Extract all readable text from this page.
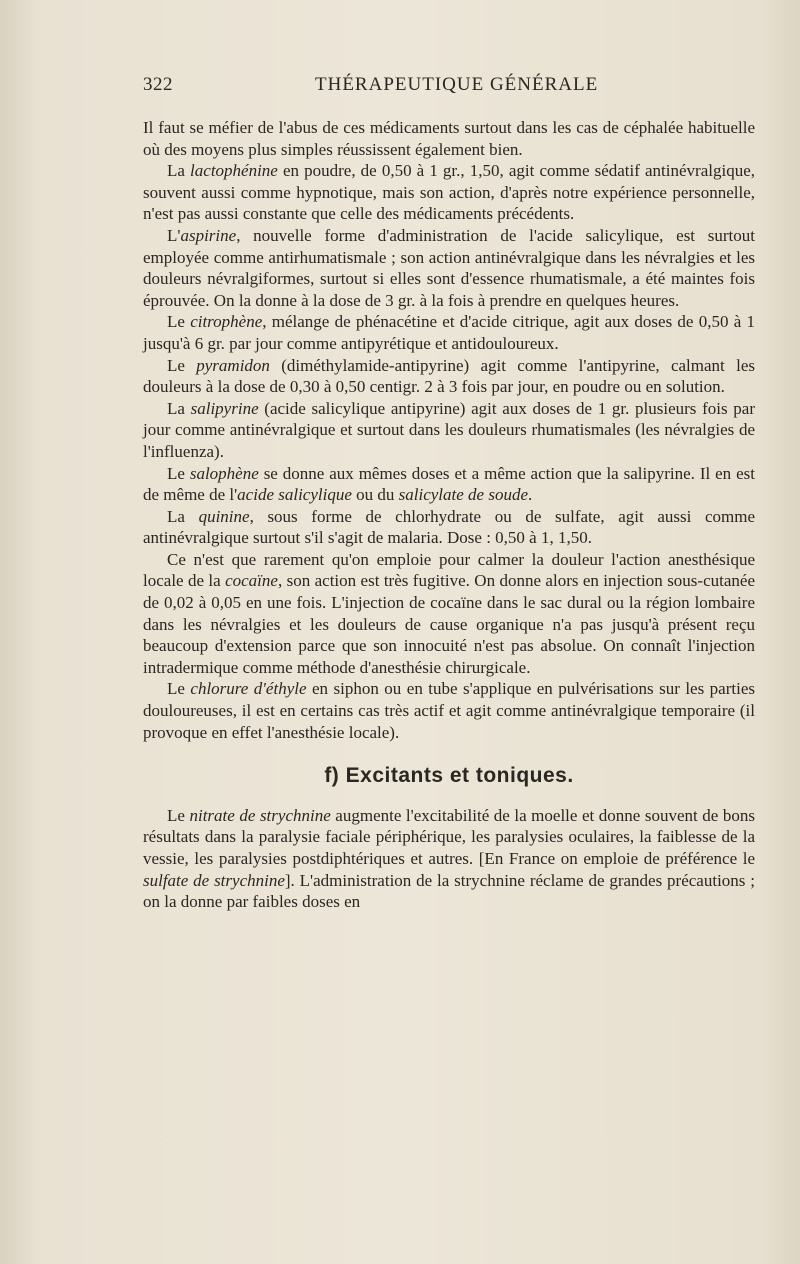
322	THÉRAPEUTIQUE GÉNÉRALE

Il faut se méfier de l'abus de ces médicaments surtout dans les cas de céphalée habituelle où des moyens plus simples réussissent également bien.

La lactophénine en poudre, de 0,50 à 1 gr., 1,50, agit comme sédatif antinévralgique, souvent aussi comme hypnotique, mais son action, d'après notre expérience personnelle, n'est pas aussi constante que celle des médicaments précédents.

L'aspirine, nouvelle forme d'administration de l'acide salicylique, est surtout employée comme antirhumatismale ; son action antinévralgique dans les névralgies et les douleurs névralgiformes, surtout si elles sont d'essence rhumatismale, a été maintes fois éprouvée. On la donne à la dose de 3 gr. à la fois à prendre en quelques heures.

Le citrophène, mélange de phénacétine et d'acide citrique, agit aux doses de 0,50 à 1 jusqu'à 6 gr. par jour comme antipyrétique et antidouloureux.

Le pyramidon (diméthylamide-antipyrine) agit comme l'antipyrine, calmant les douleurs à la dose de 0,30 à 0,50 centigr. 2 à 3 fois par jour, en poudre ou en solution.

La salipyrine (acide salicylique antipyrine) agit aux doses de 1 gr. plusieurs fois par jour comme antinévralgique et surtout dans les douleurs rhumatismales (les névralgies de l'influenza).

Le salophène se donne aux mêmes doses et a même action que la salipyrine. Il en est de même de l'acide salicylique ou du salicylate de soude.

La quinine, sous forme de chlorhydrate ou de sulfate, agit aussi comme antinévralgique surtout s'il s'agit de malaria. Dose : 0,50 à 1, 1,50.

Ce n'est que rarement qu'on emploie pour calmer la douleur l'action anesthésique locale de la cocaïne, son action est très fugitive. On donne alors en injection sous-cutanée de 0,02 à 0,05 en une fois. L'injection de cocaïne dans le sac dural ou la région lombaire dans les névralgies et les douleurs de cause organique n'a pas jusqu'à présent reçu beaucoup d'extension parce que son innocuité n'est pas absolue. On connaît l'injection intradermique comme méthode d'anesthésie chirurgicale.

Le chlorure d'éthyle en siphon ou en tube s'applique en pulvérisations sur les parties douloureuses, il est en certains cas très actif et agit comme antinévralgique temporaire (il provoque en effet l'anesthésie locale).

f) Excitants et toniques.

Le nitrate de strychnine augmente l'excitabilité de la moelle et donne souvent de bons résultats dans la paralysie faciale périphérique, les paralysies oculaires, la faiblesse de la vessie, les paralysies postdiphtériques et autres. [En France on emploie de préférence le sulfate de strychnine]. L'administration de la strychnine réclame de grandes précautions ; on la donne par faibles doses en
